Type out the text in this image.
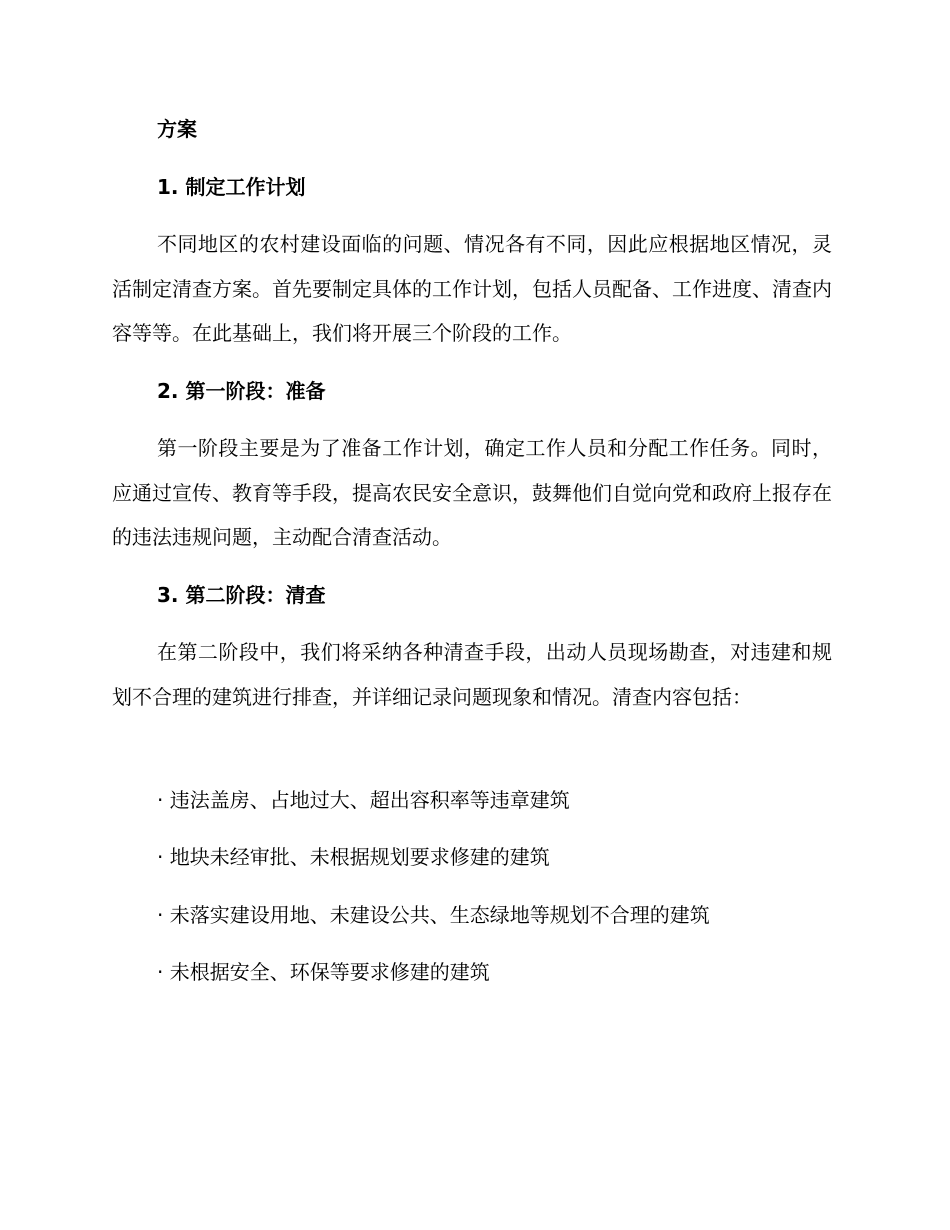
方案
1. 制定工作计划

不同地区的农村建设面临的问题、情况各有不同，因此应根据地区情况，灵活制定清查方案。首先要制定具体的工作计划，包括人员配备、工作进度、清查内容等等。在此基础上，我们将开展三个阶段的工作。

2. 第一阶段：准备

第一阶段主要是为了准备工作计划，确定工作人员和分配工作任务。同时，应通过宣传、教育等手段，提高农民安全意识，鼓舞他们自觉向党和政府上报存在的违法违规问题，主动配合清查活动。

3. 第二阶段：清查

在第二阶段中，我们将采纳各种清查手段，出动人员现场勘查，对违建和规划不合理的建筑进行排查，并详细记录问题现象和情况。清查内容包括：

· 违法盖房、占地过大、超出容积率等违章建筑

· 地块未经审批、未根据规划要求修建的建筑

· 未落实建设用地、未建设公共、生态绿地等规划不合理的建筑

· 未根据安全、环保等要求修建的建筑
